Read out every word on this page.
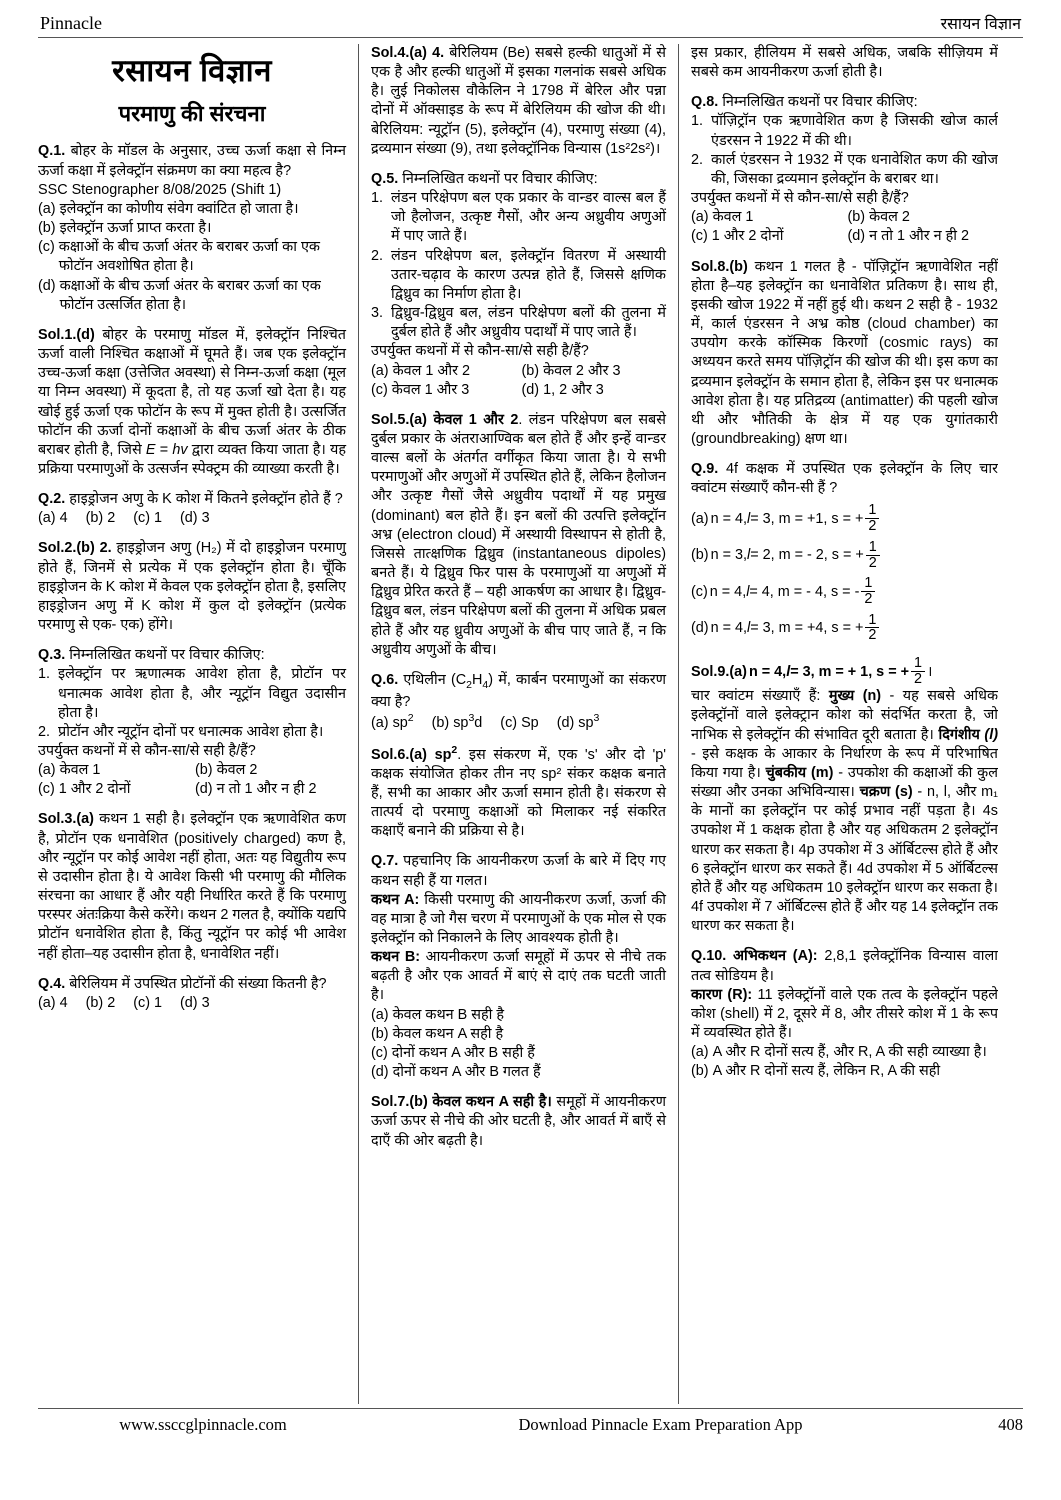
Pinnacle	रसायन विज्ञान
रसायन विज्ञान
परमाणु की संरचना

Q.1. बोहर के मॉडल के अनुसार, उच्च ऊर्जा कक्षा से निम्न ऊर्जा कक्षा में इलेक्ट्रॉन संक्रमण का क्या महत्व है?

SSC Stenographer 8/08/2025 (Shift 1)

(a) इलेक्ट्रॉन का कोणीय संवेग क्वांटित हो जाता है।
(b) इलेक्ट्रॉन ऊर्जा प्राप्त करता है।
(c) कक्षाओं के बीच ऊर्जा अंतर के बराबर ऊर्जा का एक फोटॉन अवशोषित होता है।
(d) कक्षाओं के बीच ऊर्जा अंतर के बराबर ऊर्जा का एक फोटॉन उत्सर्जित होता है।

Sol.1.(d) बोहर के परमाणु मॉडल में, इलेक्ट्रॉन निश्चित ऊर्जा वाली निश्चित कक्षाओं में घूमते हैं। जब एक इलेक्ट्रॉन उच्च-ऊर्जा कक्षा (उत्तेजित अवस्था) से निम्न-ऊर्जा कक्षा (मूल या निम्न अवस्था) में कूदता है, तो यह ऊर्जा खो देता है। यह खोई हुई ऊर्जा एक फोटॉन के रूप में मुक्त होती है। उत्सर्जित फोटॉन की ऊर्जा दोनों कक्षाओं के बीच ऊर्जा अंतर के ठीक बराबर होती है, जिसे E = hv द्वारा व्यक्त किया जाता है। यह प्रक्रिया परमाणुओं के उत्सर्जन स्पेक्ट्रम की व्याख्या करती है।

Q.2. हाइड्रोजन अणु के K कोश में कितने इलेक्ट्रॉन होते हैं ?

(a) 4 (b) 2 (c) 1 (d) 3

Sol.2.(b) 2. हाइड्रोजन अणु (H₂) में दो हाइड्रोजन परमाणु होते हैं, जिनमें से प्रत्येक में एक इलेक्ट्रॉन होता है। चूँकि हाइड्रोजन के K कोश में केवल एक इलेक्ट्रॉन होता है, इसलिए हाइड्रोजन अणु में K कोश में कुल दो इलेक्ट्रॉन (प्रत्येक परमाणु से एक- एक) होंगे।

Q.3. निम्नलिखित कथनों पर विचार कीजिए:

1. इलेक्ट्रॉन पर ऋणात्मक आवेश होता है, प्रोटॉन पर धनात्मक आवेश होता है, और न्यूट्रॉन विद्युत उदासीन होता है।
2. प्रोटॉन और न्यूट्रॉन दोनों पर धनात्मक आवेश होता है।

उपर्युक्त कथनों में से कौन-सा/से सही है/हैं?

(a) केवल 1	(b) केवल 2
(c) 1 और 2 दोनों	(d) न तो 1 और न ही 2

Sol.3.(a) कथन 1 सही है। इलेक्ट्रॉन एक ऋणावेशित कण है, प्रोटॉन एक धनावेशित (positively charged) कण है, और न्यूट्रॉन पर कोई आवेश नहीं होता, अतः यह विद्युतीय रूप से उदासीन होता है। ये आवेश किसी भी परमाणु की मौलिक संरचना का आधार हैं और यही निर्धारित करते हैं कि परमाणु परस्पर अंतःक्रिया कैसे करेंगे। कथन 2 गलत है, क्योंकि यद्यपि प्रोटॉन धनावेशित होता है, किंतु न्यूट्रॉन पर कोई भी आवेश नहीं होता–यह उदासीन होता है, धनावेशित नहीं।

Q.4. बेरिलियम में उपस्थित प्रोटॉनों की संख्या कितनी है?

(a) 4 (b) 2 (c) 1 (d) 3

Sol.4.(a) 4. बेरिलियम (Be) सबसे हल्की धातुओं में से एक है और हल्की धातुओं में इसका गलनांक सबसे अधिक है। लुई निकोलस वौकेलिन ने 1798 में बेरिल और पन्ना दोनों में ऑक्साइड के रूप में बेरिलियम की खोज की थी। बेरिलियम: न्यूट्रॉन (5), इलेक्ट्रॉन (4), परमाणु संख्या (4), द्रव्यमान संख्या (9), तथा इलेक्ट्रॉनिक विन्यास (1s²2s²)।

Q.5. निम्नलिखित कथनों पर विचार कीजिए:

1. लंडन परिक्षेपण बल एक प्रकार के वान्डर वाल्स बल हैं जो हैलोजन, उत्कृष्ट गैसों, और अन्य अध्रुवीय अणुओं में पाए जाते हैं।
2. लंडन परिक्षेपण बल, इलेक्ट्रॉन वितरण में अस्थायी उतार-चढ़ाव के कारण उत्पन्न होते हैं, जिससे क्षणिक द्विध्रुव का निर्माण होता है।
3. द्विध्रुव-द्विध्रुव बल, लंडन परिक्षेपण बलों की तुलना में दुर्बल होते हैं और अध्रुवीय पदार्थों में पाए जाते हैं।

उपर्युक्त कथनों में से कौन-सा/से सही है/हैं?

(a) केवल 1 और 2	(b) केवल 2 और 3
(c) केवल 1 और 3	(d) 1, 2 और 3

Sol.5.(a) केवल 1 और 2. लंडन परिक्षेपण बल सबसे दुर्बल प्रकार के अंतराआण्विक बल होते हैं और इन्हें वान्डर वाल्स बलों के अंतर्गत वर्गीकृत किया जाता है। ये सभी परमाणुओं और अणुओं में उपस्थित होते हैं, लेकिन हैलोजन और उत्कृष्ट गैसों जैसे अध्रुवीय पदार्थों में यह प्रमुख (dominant) बल होते हैं। इन बलों की उत्पत्ति इलेक्ट्रॉन अभ्र (electron cloud) में अस्थायी विस्थापन से होती है, जिससे तात्क्षणिक द्विध्रुव (instantaneous dipoles) बनते हैं। ये द्विध्रुव फिर पास के परमाणुओं या अणुओं में द्विध्रुव प्रेरित करते हैं – यही आकर्षण का आधार है। द्विध्रुव-द्विध्रुव बल, लंडन परिक्षेपण बलों की तुलना में अधिक प्रबल होते हैं और यह ध्रुवीय अणुओं के बीच पाए जाते हैं, न कि अध्रुवीय अणुओं के बीच।

Q.6. एथिलीन $(C_2H_4)$ में, कार्बन परमाणुओं का संकरण क्या है?

(a) $sp^2$ (b) $sp^3d$ (c) Sp (d) $sp^3$

Sol.6.(a) $sp^2$. इस संकरण में, एक 's' और दो 'p' कक्षक संयोजित होकर तीन नए sp² संकर कक्षक बनाते हैं, सभी का आकार और ऊर्जा समान होती है। संकरण से तात्पर्य दो परमाणु कक्षाओं को मिलाकर नई संकरित कक्षाएँ बनाने की प्रक्रिया से है।

Q.7. पहचानिए कि आयनीकरण ऊर्जा के बारे में दिए गए कथन सही हैं या गलत।

कथन A: किसी परमाणु की आयनीकरण ऊर्जा, ऊर्जा की वह मात्रा है जो गैस चरण में परमाणुओं के एक मोल से एक इलेक्ट्रॉन को निकालने के लिए आवश्यक होती है।

कथन B: आयनीकरण ऊर्जा समूहों में ऊपर से नीचे तक बढ़ती है और एक आवर्त में बाएं से दाएं तक घटती जाती है।

(a) केवल कथन B सही है
(b) केवल कथन A सही है
(c) दोनों कथन A और B सही हैं
(d) दोनों कथन A और B गलत हैं

Sol.7.(b) केवल कथन A सही है। समूहों में आयनीकरण ऊर्जा ऊपर से नीचे की ओर घटती है, और आवर्त में बाएँ से दाएँ की ओर बढ़ती है।

इस प्रकार, हीलियम में सबसे अधिक, जबकि सीज़ियम में सबसे कम आयनीकरण ऊर्जा होती है।

Q.8. निम्नलिखित कथनों पर विचार कीजिए:

1. पॉज़िट्रॉन एक ऋणावेशित कण है जिसकी खोज कार्ल एंडरसन ने 1922 में की थी।
2. कार्ल एंडरसन ने 1932 में एक धनावेशित कण की खोज की, जिसका द्रव्यमान इलेक्ट्रॉन के बराबर था।

उपर्युक्त कथनों में से कौन-सा/से सही है/हैं?

(a) केवल 1	(b) केवल 2
(c) 1 और 2 दोनों	(d) न तो 1 और न ही 2

Sol.8.(b) कथन 1 गलत है - पॉज़िट्रॉन ऋणावेशित नहीं होता है–यह इलेक्ट्रॉन का धनावेशित प्रतिकण है। साथ ही, इसकी खोज 1922 में नहीं हुई थी। कथन 2 सही है - 1932 में, कार्ल एंडरसन ने अभ्र कोष्ठ (cloud chamber) का उपयोग करके कॉस्मिक किरणों (cosmic rays) का अध्ययन करते समय पॉज़िट्रॉन की खोज की थी। इस कण का द्रव्यमान इलेक्ट्रॉन के समान होता है, लेकिन इस पर धनात्मक आवेश होता है। यह प्रतिद्रव्य (antimatter) की पहली खोज थी और भौतिकी के क्षेत्र में यह एक युगांतकारी (groundbreaking) क्षण था।

Q.9. 4f कक्षक में उपस्थित एक इलेक्ट्रॉन के लिए चार क्वांटम संख्याएँ कौन-सी हैं ?

(a) n = 4, l = 3, m = +1, s = + $\frac{1}{2}$
(b) n = 3, l = 2, m = - 2, s = + $\frac{1}{2}$
(c) n = 4, l = 4, m = - 4, s = - $\frac{1}{2}$
(d) n = 4, l = 3, m = +4, s = + $\frac{1}{2}$
Sol.9.(a) n = 4, l = 3, m = + 1, s = + $\frac{1}{2}$ ।

चार क्वांटम संख्याएँ हैं: मुख्य (n) - यह सबसे अधिक इलेक्ट्रॉनों वाले इलेक्ट्रान कोश को संदर्भित करता है, जो नाभिक से इलेक्ट्रॉन की संभावित दूरी बताता है। दिगंशीय (l) - इसे कक्षक के आकार के निर्धारण के रूप में परिभाषित किया गया है। चुंबकीय (m) - उपकोश की कक्षाओं की कुल संख्या और उनका अभिविन्यास। चक्रण (s) - n, l, और m₁ के मानों का इलेक्ट्रॉन पर कोई प्रभाव नहीं पड़ता है। 4s उपकोश में 1 कक्षक होता है और यह अधिकतम 2 इलेक्ट्रॉन धारण कर सकता है। 4p उपकोश में 3 ऑर्बिटल्स होते हैं और 6 इलेक्ट्रॉन धारण कर सकते हैं। 4d उपकोश में 5 ऑर्बिटल्स होते हैं और यह अधिकतम 10 इलेक्ट्रॉन धारण कर सकता है। 4f उपकोश में 7 ऑर्बिटल्स होते हैं और यह 14 इलेक्ट्रॉन तक धारण कर सकता है।

Q.10. अभिकथन (A): 2,8,1 इलेक्ट्रॉनिक विन्यास वाला तत्व सोडियम है।

कारण (R): 11 इलेक्ट्रॉनों वाले एक तत्व के इलेक्ट्रॉन पहले कोश (shell) में 2, दूसरे में 8, और तीसरे कोश में 1 के रूप में व्यवस्थित होते हैं।

(a) A और R दोनों सत्य हैं, और R, A की सही व्याख्या है।
(b) A और R दोनों सत्य हैं, लेकिन R, A की सही
www.ssccglpinnacle.com	Download Pinnacle Exam Preparation App	408
